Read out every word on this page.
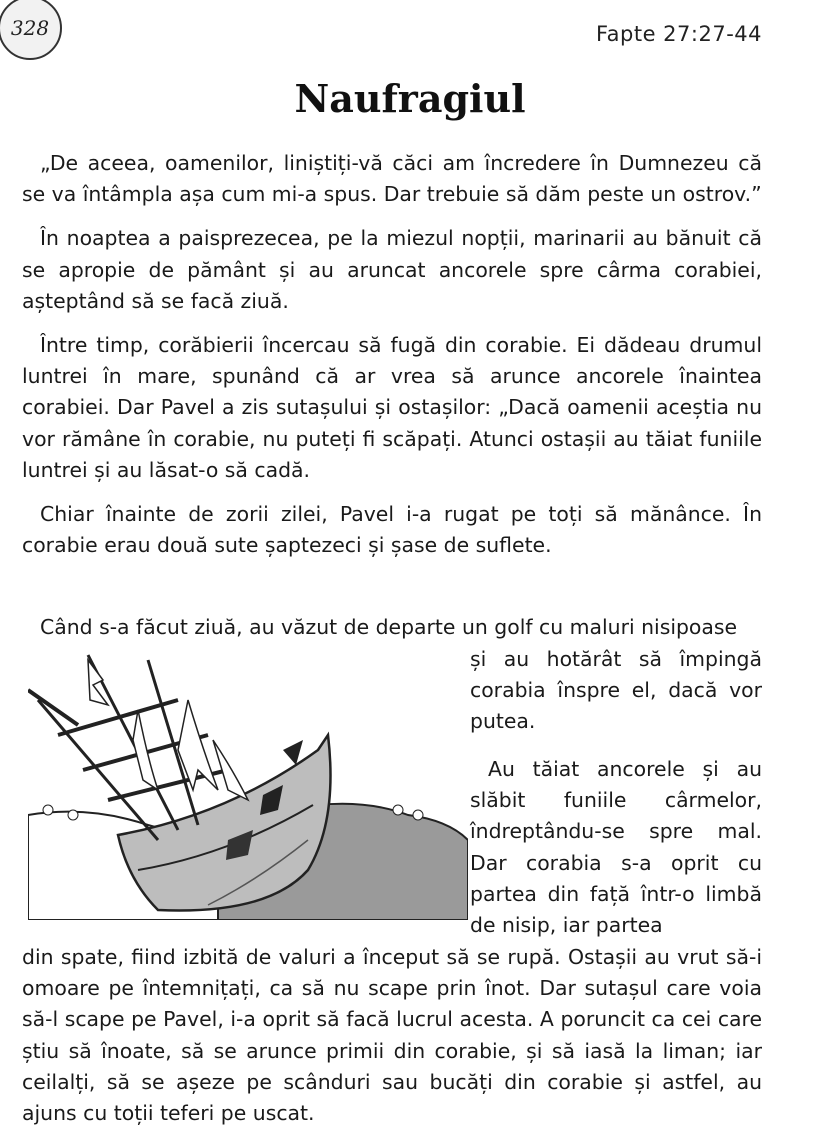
328	Fapte 27:27-44
Naufragiul

„De aceea, oamenilor, liniștiți-vă căci am încredere în Dumnezeu că se va întâmpla așa cum mi-a spus. Dar trebuie să dăm peste un ostrov.”

În noaptea a paisprezecea, pe la miezul nopții, marinarii au bănuit că se apropie de pământ și au aruncat ancorele spre cârma corabiei, așteptând să se facă ziuă.

Între timp, corăbierii încercau să fugă din corabie. Ei dădeau drumul luntrei în mare, spunând că ar vrea să arunce ancorele înaintea corabiei. Dar Pavel a zis sutașului și ostașilor: „Dacă oamenii aceștia nu vor rămâne în corabie, nu puteți fi scăpați. Atunci ostașii au tăiat funiile luntrei și au lăsat-o să cadă.

Chiar înainte de zorii zilei, Pavel i-a rugat pe toți să mănânce. În corabie erau două sute șaptezeci și șase de suflete.

Când s-a făcut ziuă, au văzut de departe un golf cu maluri nisipoase

și au hotărât să împingă corabia înspre el, dacă vor putea.

Au tăiat ancorele și au slăbit funiile cârmelor, îndreptându-se spre mal. Dar corabia s-a oprit cu partea din față într-o limbă de nisip, iar partea

din spate, fiind izbită de valuri a început să se rupă. Ostașii au vrut să-i omoare pe întemnițați, ca să nu scape prin înot. Dar sutașul care voia să-l scape pe Pavel, i-a oprit să facă lucrul acesta. A poruncit ca cei care știu să înoate, să se arunce primii din corabie, și să iasă la liman; iar ceilalți, să se așeze pe scânduri sau bucăți din corabie și astfel, au ajuns cu toții teferi pe uscat.
